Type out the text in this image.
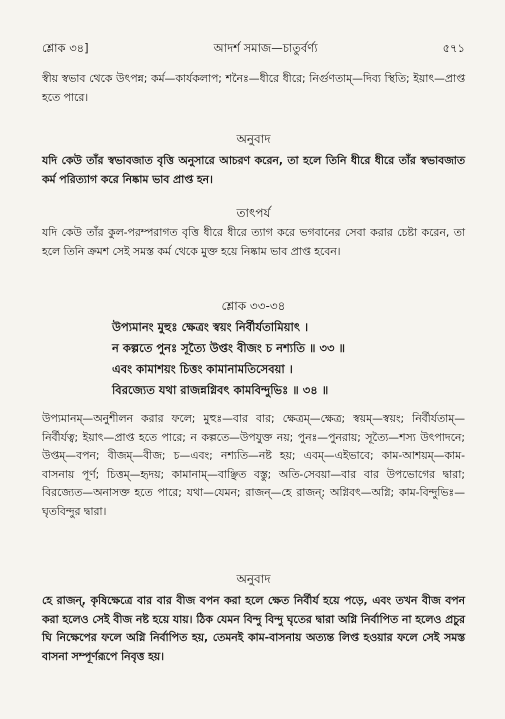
শ্লোক ৩৪]	আদর্শ সমাজ—চাতুর্বর্ণ্য	৫৭১

স্বীয় স্বভাব থেকে উৎপন্ন; কর্ম—কার্যকলাপ; শনৈঃ—ধীরে ধীরে; নির্গুণতাম্—দিব্য স্থিতি; ইয়াৎ—প্রাপ্ত হতে পারে।

অনুবাদ

যদি কেউ তাঁর স্বভাবজাত বৃত্তি অনুসারে আচরণ করেন, তা হলে তিনি ধীরে ধীরে তাঁর স্বভাবজাত কর্ম পরিত্যাগ করে নিষ্কাম ভাব প্রাপ্ত হন।

তাৎপর্য

যদি কেউ তাঁর কুল-পরম্পরাগত বৃত্তি ধীরে ধীরে ত্যাগ করে ভগবানের সেবা করার চেষ্টা করেন, তা হলে তিনি ক্রমশ সেই সমস্ত কর্ম থেকে মুক্ত হয়ে নিষ্কাম ভাব প্রাপ্ত হবেন।

শ্লোক ৩৩-৩৪
উপ্যমানং মুহুঃ ক্ষেত্রং স্বয়ং নির্বীর্যতামিয়াৎ ।
ন কল্পতে পুনঃ সূত্যৈ উপ্তং বীজং চ নশ্যতি ॥ ৩৩ ॥
এবং কামাশয়ং চিত্তং কামানামতিসেবয়া ।
বিরজ্যেত যথা রাজন্নগ্নিবৎ কামবিন্দুভিঃ ॥ ৩৪ ॥

উপ্যমানম্—অনুশীলন করার ফলে; মুহুঃ—বার বার; ক্ষেত্রম্—ক্ষেত্র; স্বয়ম্—স্বয়ং; নির্বীর্যতাম্—নির্বীর্যত্ব; ইয়াৎ—প্রাপ্ত হতে পারে; ন কল্পতে—উপযুক্ত নয়; পুনঃ—পুনরায়; সূত্যৈ—শস্য উৎপাদনে; উপ্তম্—বপন; বীজম্—বীজ; চ—এবং; নশ্যতি—নষ্ট হয়; এবম্—এইভাবে; কাম-আশয়ম্—কাম-বাসনায় পূর্ণ; চিত্তম্—হৃদয়; কামানাম্—বাঞ্ছিত বস্তু; অতি-সেবয়া—বার বার উপভোগের দ্বারা; বিরজ্যেত—অনাসক্ত হতে পারে; যথা—যেমন; রাজন্—হে রাজন্; অগ্নিবৎ—অগ্নি; কাম-বিন্দুভিঃ—ঘৃতবিন্দুর দ্বারা।

অনুবাদ

হে রাজন্, কৃষিক্ষেত্রে বার বার বীজ বপন করা হলে ক্ষেত নির্বীর্য হয়ে পড়ে, এবং তখন বীজ বপন করা হলেও সেই বীজ নষ্ট হয়ে যায়। ঠিক যেমন বিন্দু বিন্দু ঘৃতের দ্বারা অগ্নি নির্বাপিত না হলেও প্রচুর ঘি নিক্ষেপের ফলে অগ্নি নির্বাপিত হয়, তেমনই কাম-বাসনায় অত্যন্ত লিপ্ত হওয়ার ফলে সেই সমস্ত বাসনা সম্পূর্ণরূপে নিবৃত্ত হয়।
